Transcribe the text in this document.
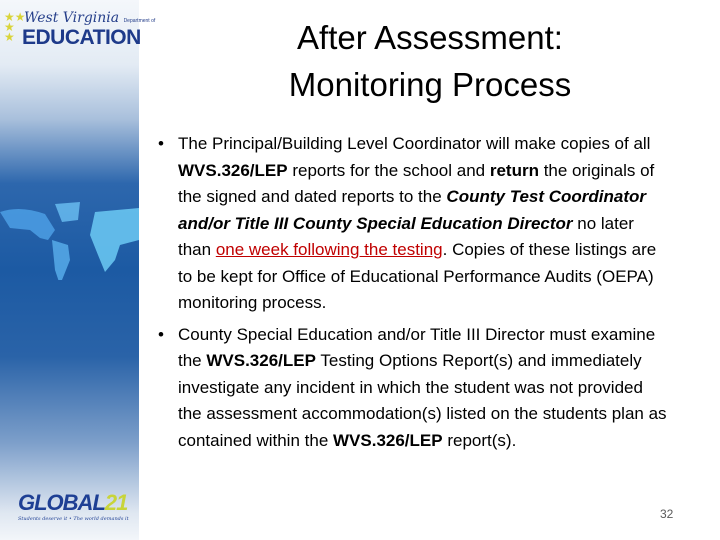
★★
★
★
West Virginia Department of
EDUCATION
GLOBAL21
Students deserve it • The world demands it
After Assessment:
Monitoring Process
• The Principal/Building Level Coordinator will make copies of all WVS.326/LEP reports for the school and return the originals of the signed and dated reports to the County Test Coordinator and/or Title III County Special Education Director no later than one week following the testing. Copies of these listings are to be kept for Office of Educational Performance Audits (OEPA) monitoring process.
• County Special Education and/or Title III Director must examine the WVS.326/LEP Testing Options Report(s) and immediately investigate any incident in which the student was not provided the assessment accommodation(s) listed on the students plan as contained within the WVS.326/LEP report(s).
32
